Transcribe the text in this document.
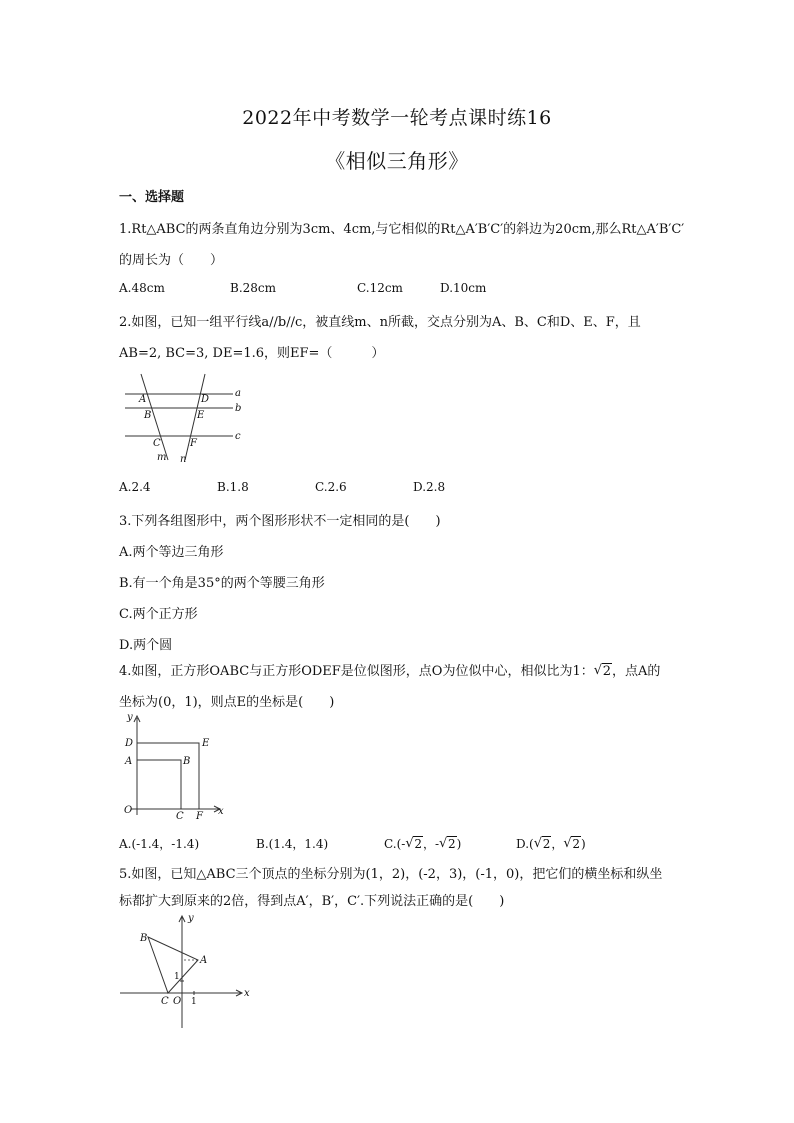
2022年中考数学一轮考点课时练16
《相似三角形》
一、选择题
1.Rt△ABC的两条直角边分别为3cm、4cm,与它相似的Rt△A′B′C′的斜边为20cm,那么Rt△A′B′C′
的周长为（　　）
A.48cm	B.28cm	C.12cm	D.10cm
2.如图，已知一组平行线a//b//c，被直线m、n所截，交点分别为A、B、C和D、E、F，且
AB=2, BC=3, DE=1.6，则EF=（　　　）
a
b
c
A
B
C
D
E
F
m n
A.2.4	B.1.8	C.2.6	D.2.8
3.下列各组图形中，两个图形形状不一定相同的是(　　)
A.两个等边三角形
B.有一个角是35°的两个等腰三角形
C.两个正方形
D.两个圆
4.如图，正方形OABC与正方形ODEF是位似图形，点O为位似中心，相似比为1： √ 2，点A的
坐标为(0，1)，则点E的坐标是(　　)
y
x
O
D
A	B
E
C F
A.(-1.4，-1.4)	B.(1.4，1.4)	C.(- √ 2，- √ 2)	D.( √ 2， √ 2)
5.如图，已知△ABC三个顶点的坐标分别为(1，2)，(-2，3)，(-1，0)，把它们的横坐标和纵坐
标都扩大到原来的2倍，得到点A′，B′，C′.下列说法正确的是(　　)
y
x
B
A
C O 1
1
